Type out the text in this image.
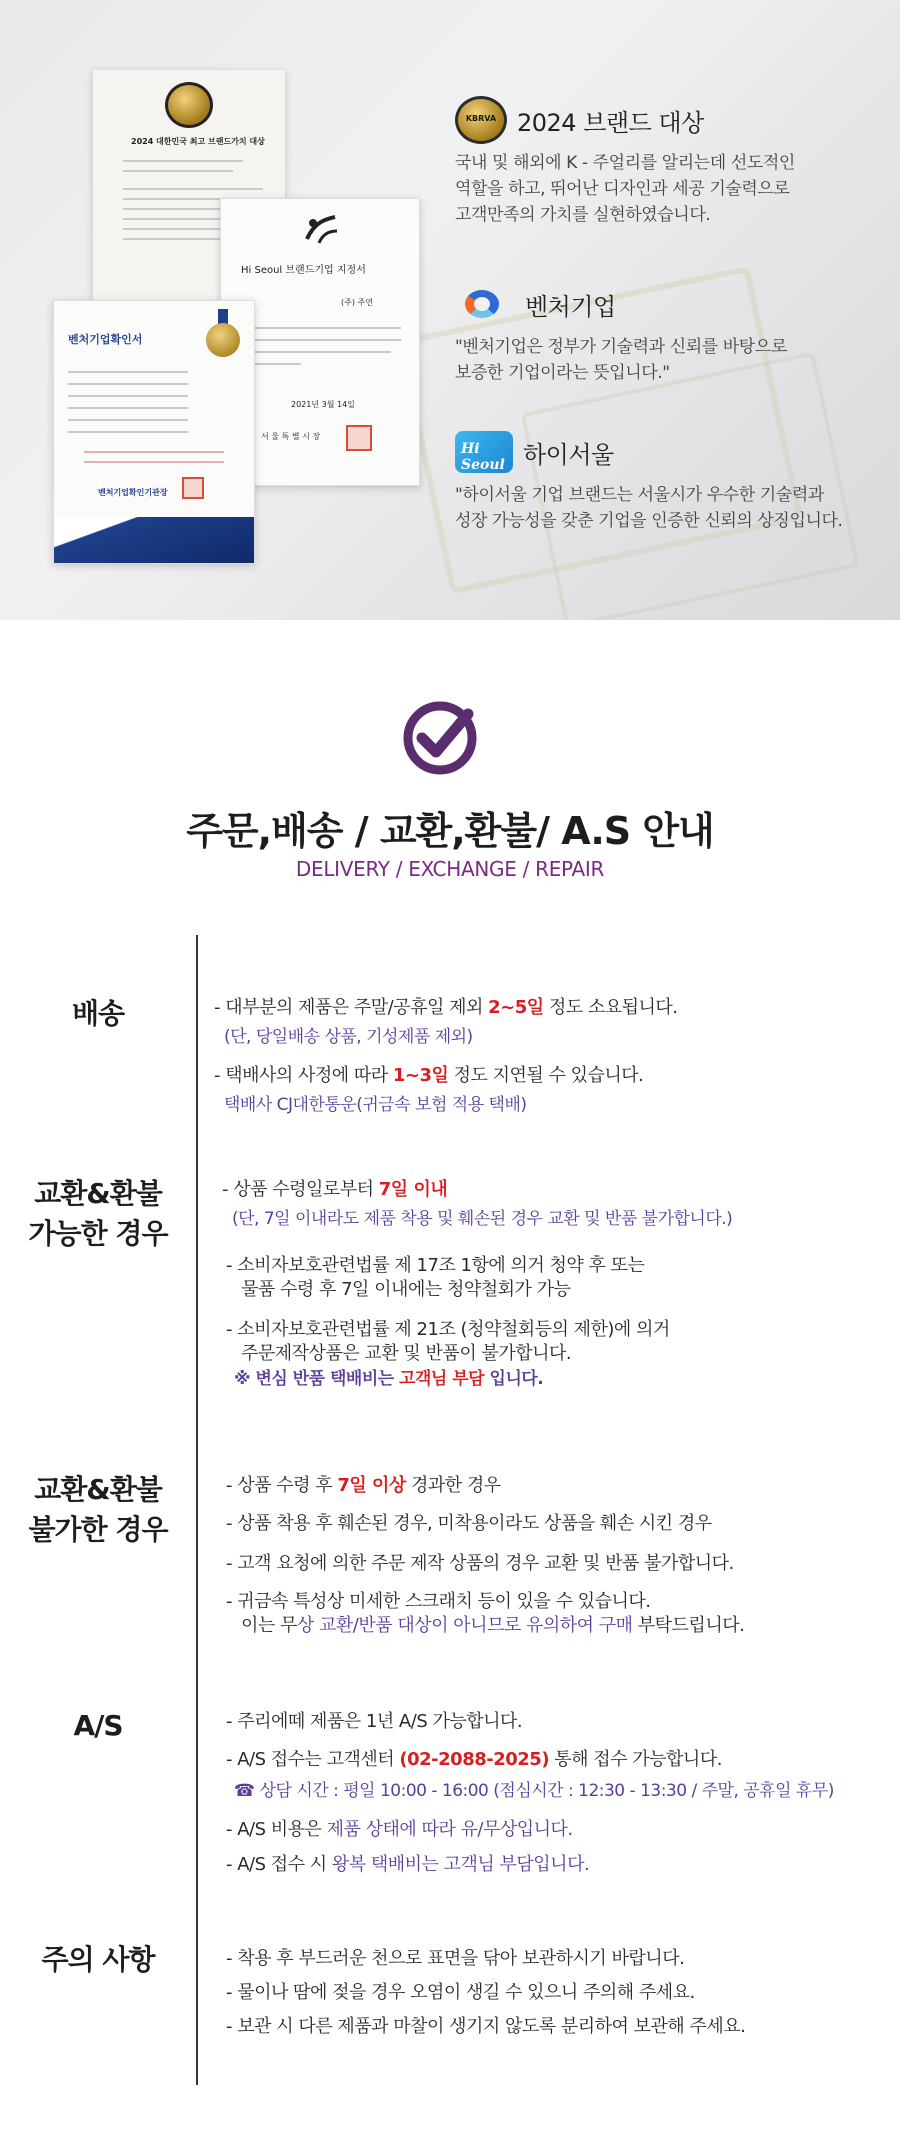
2024 대한민국 최고 브랜드가치 대상
Hi Seoul 브랜드기업 지정서
(주) 주연
2021년 3월 14일
서 울 특 별 시 장
벤처기업확인서
벤처기업확인기관장
KBRVA 2024 브랜드 대상
국내 및 해외에 K - 주얼리를 알리는데 선도적인
역할을 하고, 뛰어난 디자인과 세공 기술력으로
고객만족의 가치를 실현하였습니다.
벤처기업
"벤처기업은 정부가 기술력과 신뢰를 바탕으로
보증한 기업이라는 뜻입니다."
Hi Seoul 하이서울
"하이서울 기업 브랜드는 서울시가 우수한 기술력과
성장 가능성을 갖춘 기업을 인증한 신뢰의 상징입니다.
주문,배송 / 교환,환불/ A.S 안내
DELIVERY / EXCHANGE / REPAIR
배송	- 대부분의 제품은 주말/공휴일 제외 2~5일 정도 소요됩니다.
(단, 당일배송 상품, 기성제품 제외)
- 택배사의 사정에 따라 1~3일 정도 지연될 수 있습니다.
택배사 CJ대한통운(귀금속 보험 적용 택배)
교환&환불
가능한 경우
- 상품 수령일로부터 7일 이내
(단, 7일 이내라도 제품 착용 및 훼손된 경우 교환 및 반품 불가합니다.)
- 소비자보호관련법률 제 17조 1항에 의거 청약 후 또는
물품 수령 후 7일 이내에는 청약철회가 가능
- 소비자보호관련법률 제 21조 (청약철회등의 제한)에 의거
주문제작상품은 교환 및 반품이 불가합니다.
※ 변심 반품 택배비는 고객님 부담 입니다.
교환&환불
불가한 경우
- 상품 수령 후 7일 이상 경과한 경우
- 상품 착용 후 훼손된 경우, 미착용이라도 상품을 훼손 시킨 경우
- 고객 요청에 의한 주문 제작 상품의 경우 교환 및 반품 불가합니다.
- 귀금속 특성상 미세한 스크래치 등이 있을 수 있습니다.
이는 무상 교환/반품 대상이 아니므로 유의하여 구매 부탁드립니다.
A/S	- 주리에떼 제품은 1년 A/S 가능합니다.
- A/S 접수는 고객센터 (02-2088-2025) 통해 접수 가능합니다.
☎ 상담 시간 : 평일 10:00 - 16:00 (점심시간 : 12:30 - 13:30 / 주말, 공휴일 휴무)
- A/S 비용은 제품 상태에 따라 유/무상입니다.
- A/S 접수 시 왕복 택배비는 고객님 부담입니다.
주의 사항	- 착용 후 부드러운 천으로 표면을 닦아 보관하시기 바랍니다.
- 물이나 땀에 젖을 경우 오염이 생길 수 있으니 주의해 주세요.
- 보관 시 다른 제품과 마찰이 생기지 않도록 분리하여 보관해 주세요.
